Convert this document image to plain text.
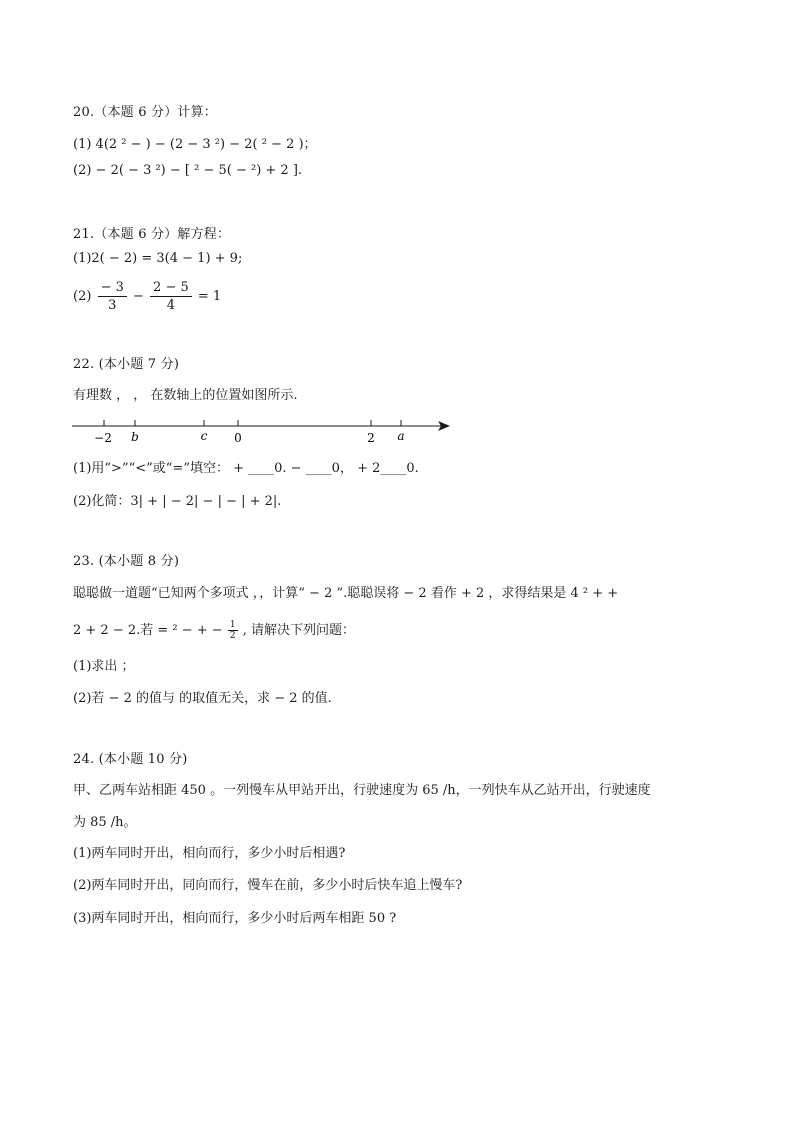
20.（本题 6 分）计算：
(1) 4(2 ² − ) − (2 − 3 ²) − 2( ² − 2 )；
(2) − 2( − 3 ²) − [ ² − 5( − ²) + 2 ].
21.（本题 6 分）解方程：
(1)2( − 2) = 3(4 − 1) + 9;
$(2) \frac{- 3}{3} - \frac{2 - 5}{4} = 1$
22. (本小题 7 分)
有理数 ， ， 在数轴上的位置如图所示.
−2 b	c 0	2 a
(1)用“>”“<”或“=”填空： + ____0. − ____0， + 2____0.
(2)化简：3| + | − 2| − | − | + 2|.
23. (本小题 8 分)
聪聪做一道题“已知两个多项式 ，，计算“ − 2 ”.聪聪误将 − 2 看作 + 2 ，求得结果是 4 ² + +
2 + 2 − 2.若 = ² − + − $\frac{1}{2}$ , 请解决下列问题：
(1)求出 ；
(2)若 − 2 的值与 的取值无关，求 − 2 的值.
24. (本小题 10 分)
甲、乙两车站相距 450 。一列慢车从甲站开出，行驶速度为 65 /h，一列快车从乙站开出，行驶速度
为 85 /h。
(1)两车同时开出，相向而行，多少小时后相遇?
(2)两车同时开出，同向而行，慢车在前，多少小时后快车追上慢车?
(3)两车同时开出，相向而行，多少小时后两车相距 50 ?
